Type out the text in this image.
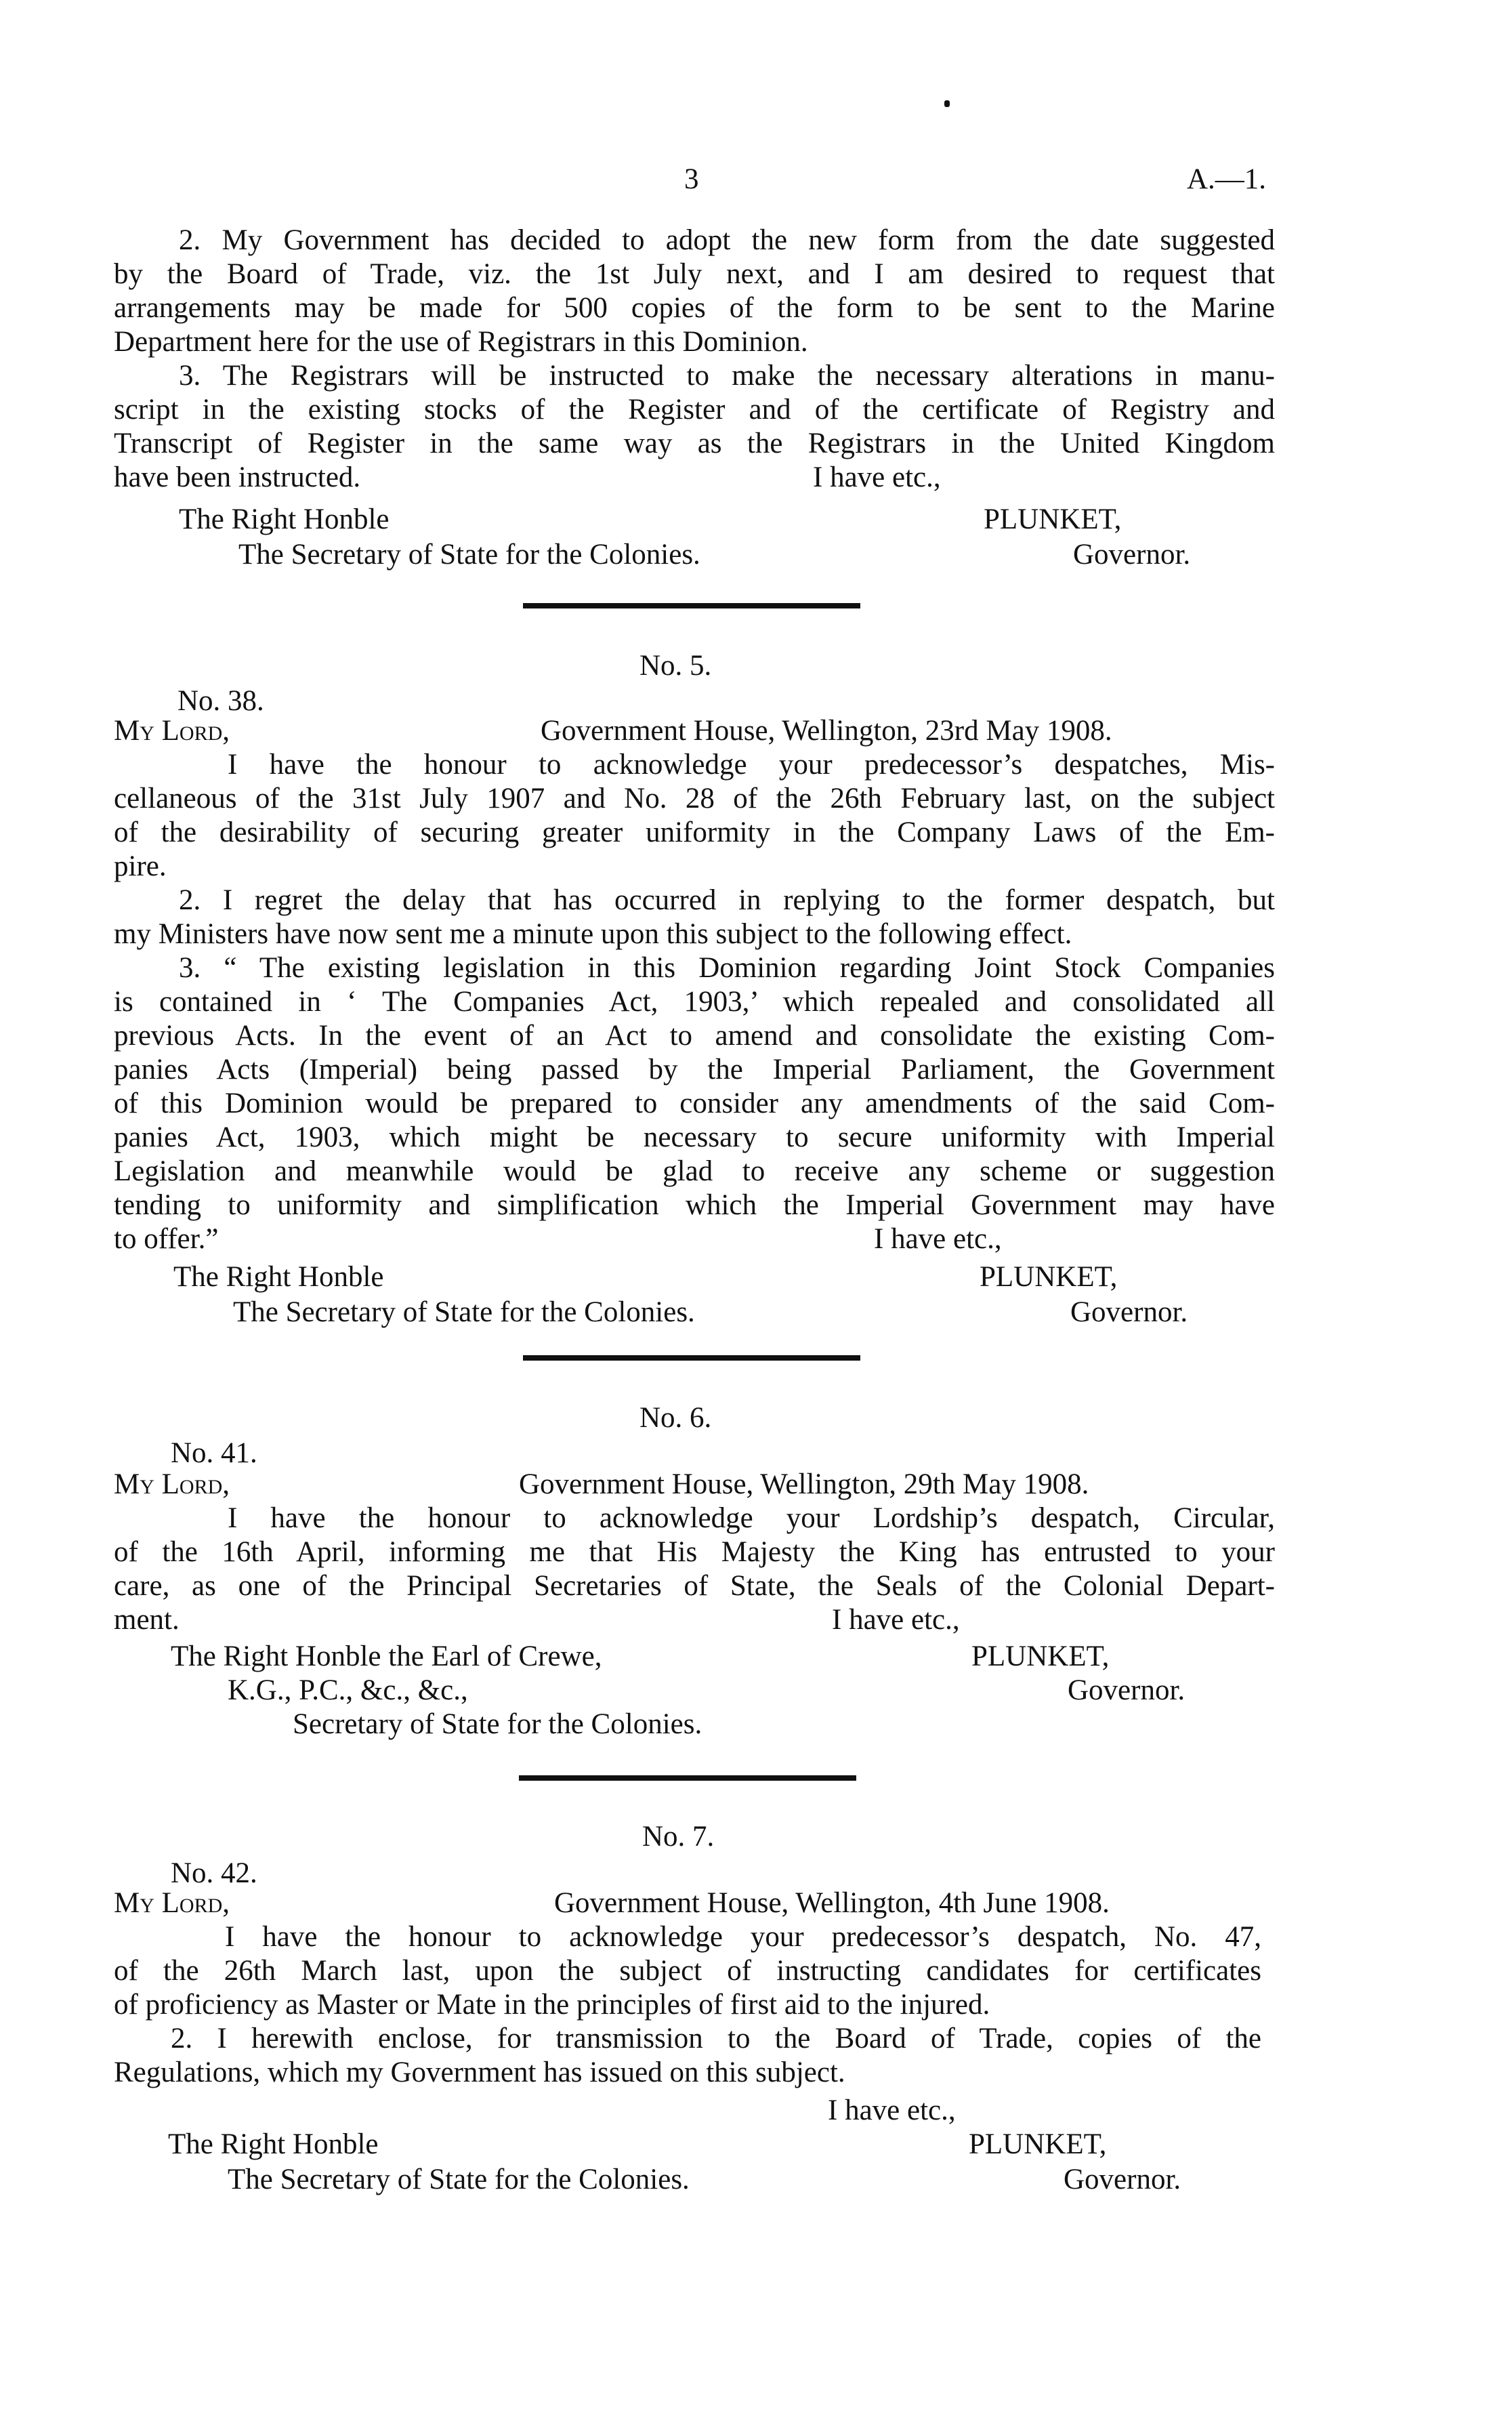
3	A.—1.
2. My Government has decided to adopt the new form from the date suggested
by the Board of Trade, viz. the 1st July next, and I am desired to request that
arrangements may be made for 500 copies of the form to be sent to the Marine
Department here for the use of Registrars in this Dominion.
3. The Registrars will be instructed to make the necessary alterations in manu-
script in the existing stocks of the Register and of the certificate of Registry and
Transcript of Register in the same way as the Registrars in the United Kingdom
have been instructed.	I have etc.,
The Right Honble	PLUNKET,
The Secretary of State for the Colonies.	Governor.
No. 5.
No. 38.
My Lord,	Government House, Wellington, 23rd May 1908.
I have the honour to acknowledge your predecessor’s despatches, Mis-
cellaneous of the 31st July 1907 and No. 28 of the 26th February last, on the subject
of the desirability of securing greater uniformity in the Company Laws of the Em-
pire.
2. I regret the delay that has occurred in replying to the former despatch, but
my Ministers have now sent me a minute upon this subject to the following effect.
3. “ The existing legislation in this Dominion regarding Joint Stock Companies
is contained in ‘ The Companies Act, 1903,’ which repealed and consolidated all
previous Acts. In the event of an Act to amend and consolidate the existing Com-
panies Acts (Imperial) being passed by the Imperial Parliament, the Government
of this Dominion would be prepared to consider any amendments of the said Com-
panies Act, 1903, which might be necessary to secure uniformity with Imperial
Legislation and meanwhile would be glad to receive any scheme or suggestion
tending to uniformity and simplification which the Imperial Government may have
to offer.”	I have etc.,
The Right Honble	PLUNKET,
The Secretary of State for the Colonies.	Governor.
No. 6.
No. 41.
My Lord,	Government House, Wellington, 29th May 1908.
I have the honour to acknowledge your Lordship’s despatch, Circular,
of the 16th April, informing me that His Majesty the King has entrusted to your
care, as one of the Principal Secretaries of State, the Seals of the Colonial Depart-
ment.	I have etc.,
The Right Honble the Earl of Crewe,	PLUNKET,
K.G., P.C., &c., &c.,	Governor.
Secretary of State for the Colonies.
No. 7.
No. 42.
My Lord,	Government House, Wellington, 4th June 1908.
I have the honour to acknowledge your predecessor’s despatch, No. 47,
of the 26th March last, upon the subject of instructing candidates for certificates
of proficiency as Master or Mate in the principles of first aid to the injured.
2. I herewith enclose, for transmission to the Board of Trade, copies of the
Regulations, which my Government has issued on this subject.
I have etc.,
The Right Honble	PLUNKET,
The Secretary of State for the Colonies.	Governor.
